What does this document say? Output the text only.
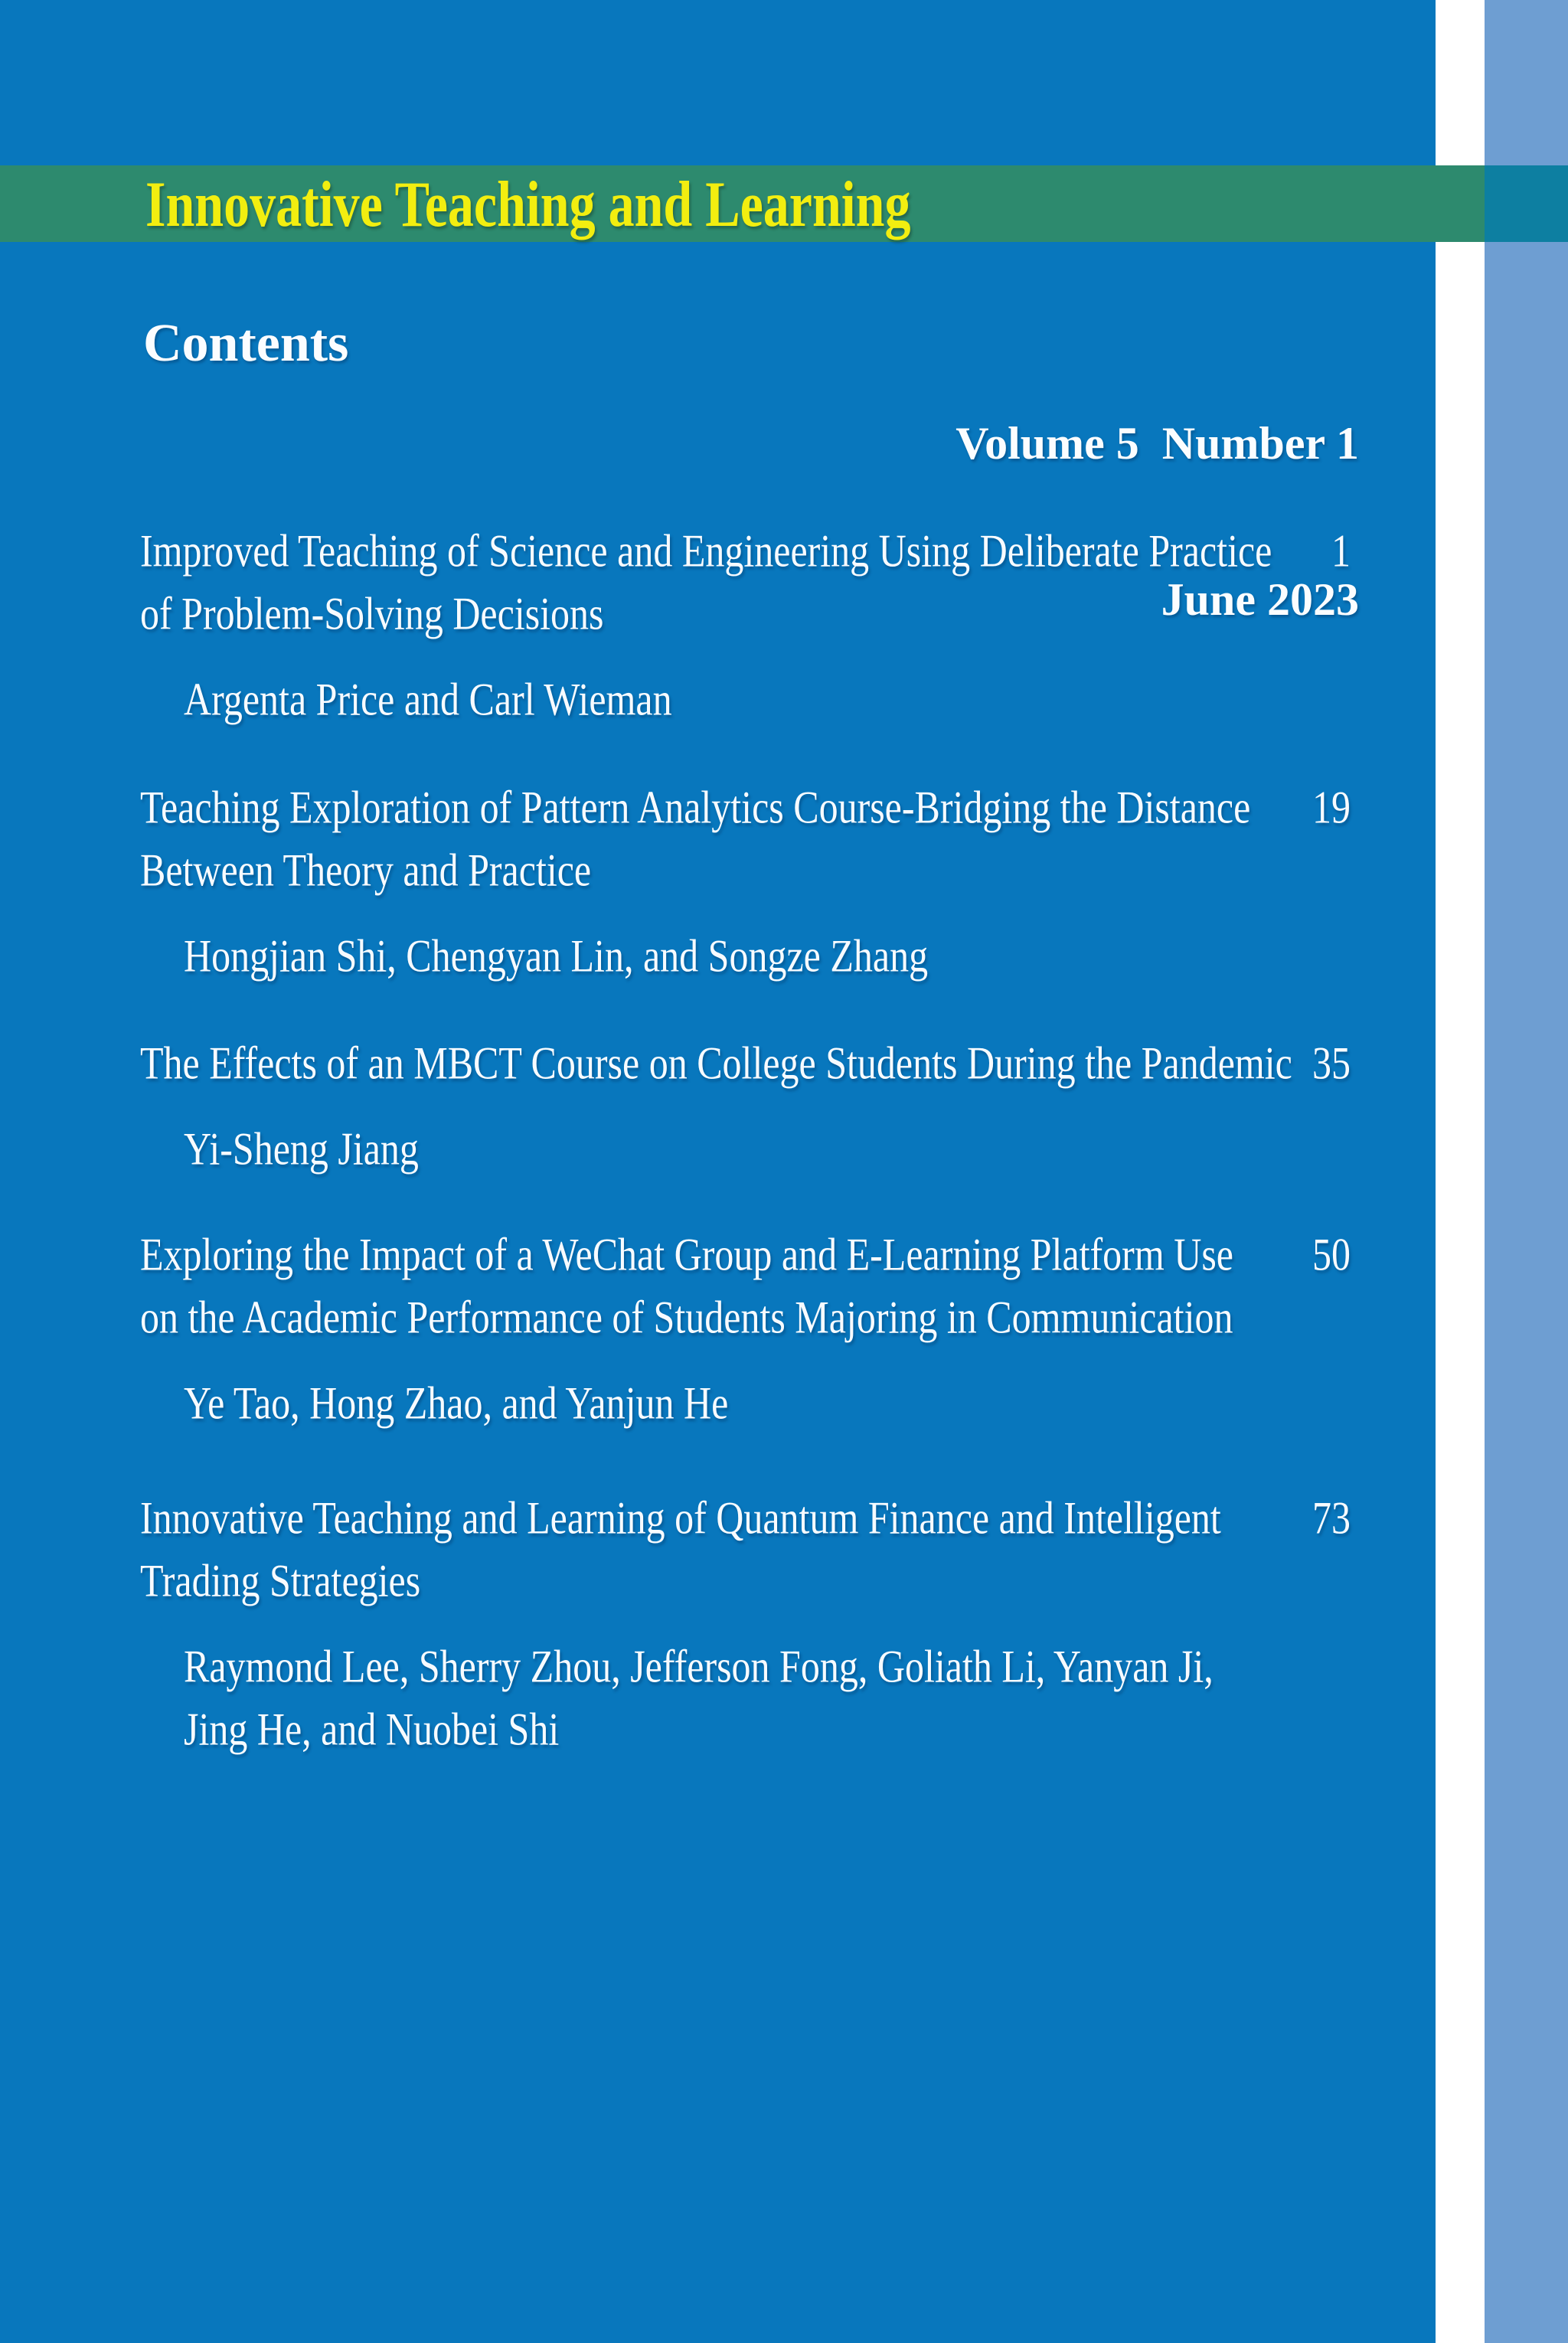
Innovative Teaching and Learning
Contents

Volume 5  Number 1

June 2023

Improved Teaching of Science and Engineering Using Deliberate Practice
of Problem-Solving Decisions
1
Argenta Price and Carl Wieman
Teaching Exploration of Pattern Analytics Course-Bridging the Distance
Between Theory and Practice
19
Hongjian Shi, Chengyan Lin, and Songze Zhang
The Effects of an MBCT Course on College Students During the Pandemic 35
Yi-Sheng Jiang
Exploring the Impact of a WeChat Group and E-Learning Platform Use
on the Academic Performance of Students Majoring in Communication
50
Ye Tao, Hong Zhao, and Yanjun He
Innovative Teaching and Learning of Quantum Finance and Intelligent
Trading Strategies
73
Raymond Lee, Sherry Zhou, Jefferson Fong, Goliath Li, Yanyan Ji,
Jing He, and Nuobei Shi
